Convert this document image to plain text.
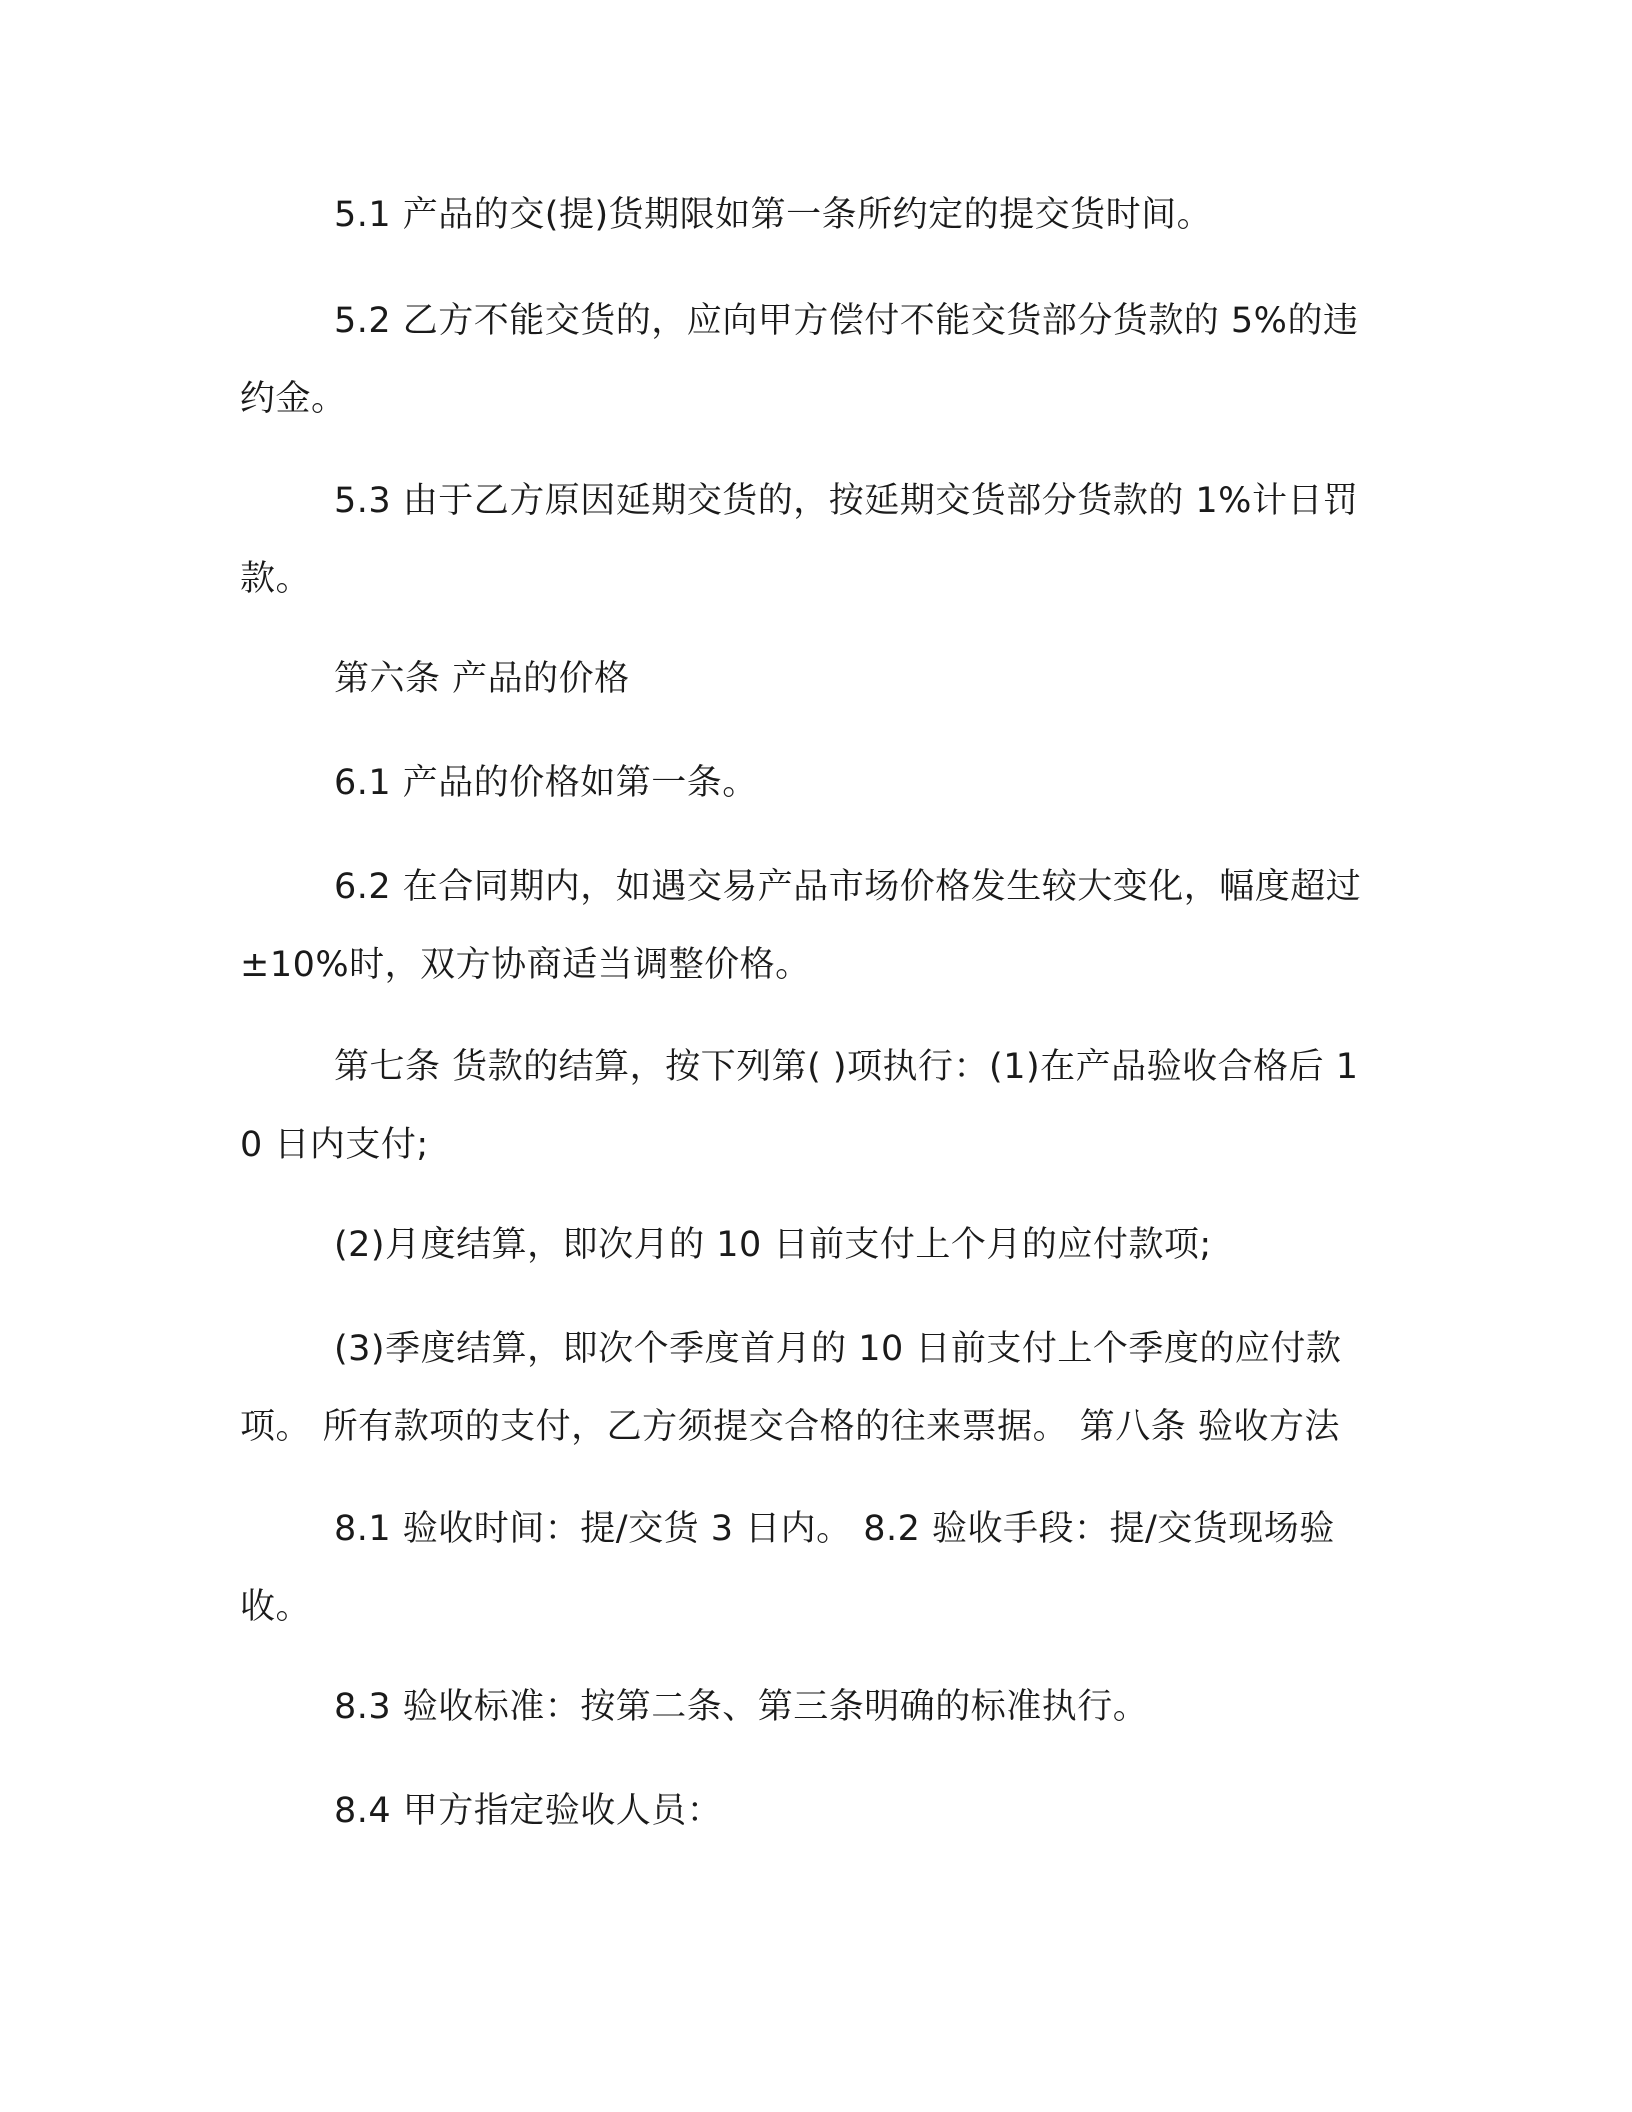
5.1 产品的交(提)货期限如第一条所约定的提交货时间。

5.2 乙方不能交货的，应向甲方偿付不能交货部分货款的 5%的违约金。

5.3 由于乙方原因延期交货的，按延期交货部分货款的 1%计日罚款。

第六条 产品的价格

6.1 产品的价格如第一条。

6.2 在合同期内，如遇交易产品市场价格发生较大变化，幅度超过±10%时，双方协商适当调整价格。

第七条 货款的结算，按下列第( )项执行：(1)在产品验收合格后 10 日内支付;

(2)月度结算，即次月的 10 日前支付上个月的应付款项;

(3)季度结算，即次个季度首月的 10 日前支付上个季度的应付款项。 所有款项的支付，乙方须提交合格的往来票据。 第八条 验收方法

8.1 验收时间：提/交货 3 日内。 8.2 验收手段：提/交货现场验收。

8.3 验收标准：按第二条、第三条明确的标准执行。

8.4 甲方指定验收人员：
